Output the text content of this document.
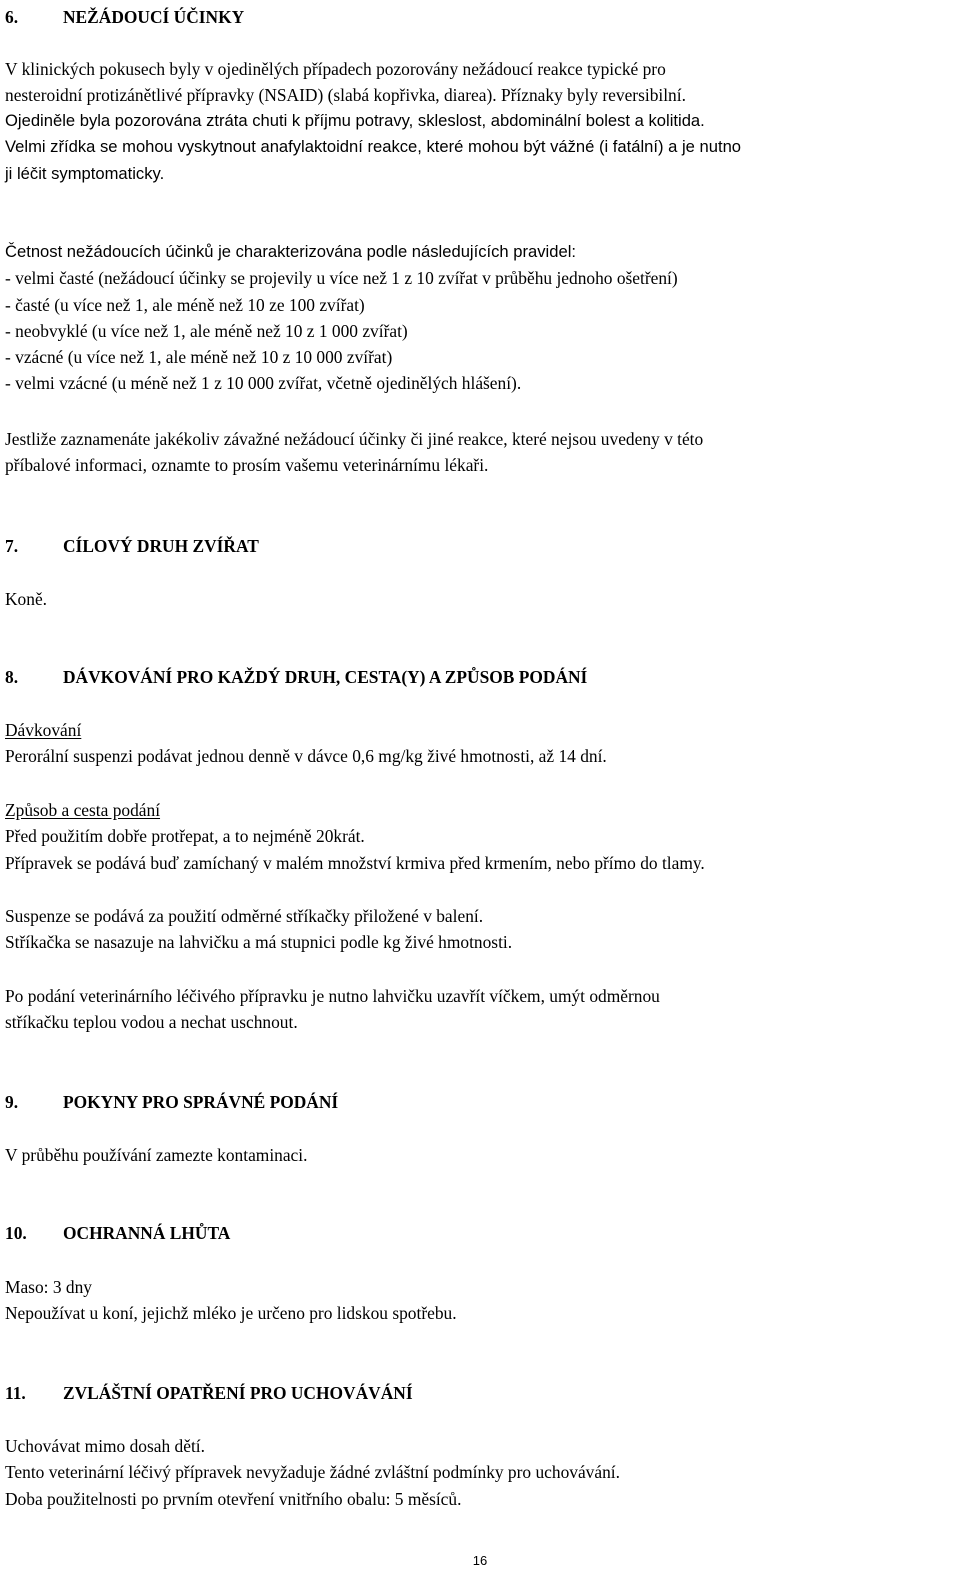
6.	NEŽÁDOUCÍ ÚČINKY
V klinických pokusech byly v ojedinělých případech pozorovány nežádoucí reakce typické pro
nesteroidní protizánětlivé přípravky (NSAID) (slabá kopřivka, diarea). Příznaky byly reversibilní.
Ojediněle byla pozorována ztráta chuti k příjmu potravy, skleslost, abdominální bolest a kolitida.
Velmi zřídka se mohou vyskytnout anafylaktoidní reakce, které mohou být vážné (i fatální) a je nutno
ji léčit symptomaticky.
Četnost nežádoucích účinků je charakterizována podle následujících pravidel:
- velmi časté (nežádoucí účinky se projevily u více než 1 z 10 zvířat v průběhu jednoho ošetření)
- časté (u více než 1, ale méně než 10 ze 100 zvířat)
- neobvyklé (u více než 1, ale méně než 10 z 1 000 zvířat)
- vzácné (u více než 1, ale méně než 10 z 10 000 zvířat)
- velmi vzácné (u méně než 1 z 10 000 zvířat, včetně ojedinělých hlášení).
Jestliže zaznamenáte jakékoliv závažné nežádoucí účinky či jiné reakce, které nejsou uvedeny v této
příbalové informaci, oznamte to prosím vašemu veterinárnímu lékaři.
7.	CÍLOVÝ DRUH ZVÍŘAT
Koně.
8.	DÁVKOVÁNÍ PRO KAŽDÝ DRUH, CESTA(Y) A ZPŮSOB PODÁNÍ
Dávkování
Perorální suspenzi podávat jednou denně v dávce 0,6 mg/kg živé hmotnosti, až 14 dní.
Způsob a cesta podání
Před použitím dobře protřepat, a to nejméně 20krát.
Přípravek se podává buď zamíchaný v malém množství krmiva před krmením, nebo přímo do tlamy.
Suspenze se podává za použití odměrné stříkačky přiložené v balení.
Stříkačka se nasazuje na lahvičku a má stupnici podle kg živé hmotnosti.
Po podání veterinárního léčivého přípravku je nutno lahvičku uzavřít víčkem, umýt odměrnou
stříkačku teplou vodou a nechat uschnout.
9.	POKYNY PRO SPRÁVNÉ PODÁNÍ
V průběhu používání zamezte kontaminaci.
10. OCHRANNÁ LHŮTA
Maso: 3 dny
Nepoužívat u koní, jejichž mléko je určeno pro lidskou spotřebu.
11. ZVLÁŠTNÍ OPATŘENÍ PRO UCHOVÁVÁNÍ
Uchovávat mimo dosah dětí.
Tento veterinární léčivý přípravek nevyžaduje žádné zvláštní podmínky pro uchovávání.
Doba použitelnosti po prvním otevření vnitřního obalu: 5 měsíců.
16
